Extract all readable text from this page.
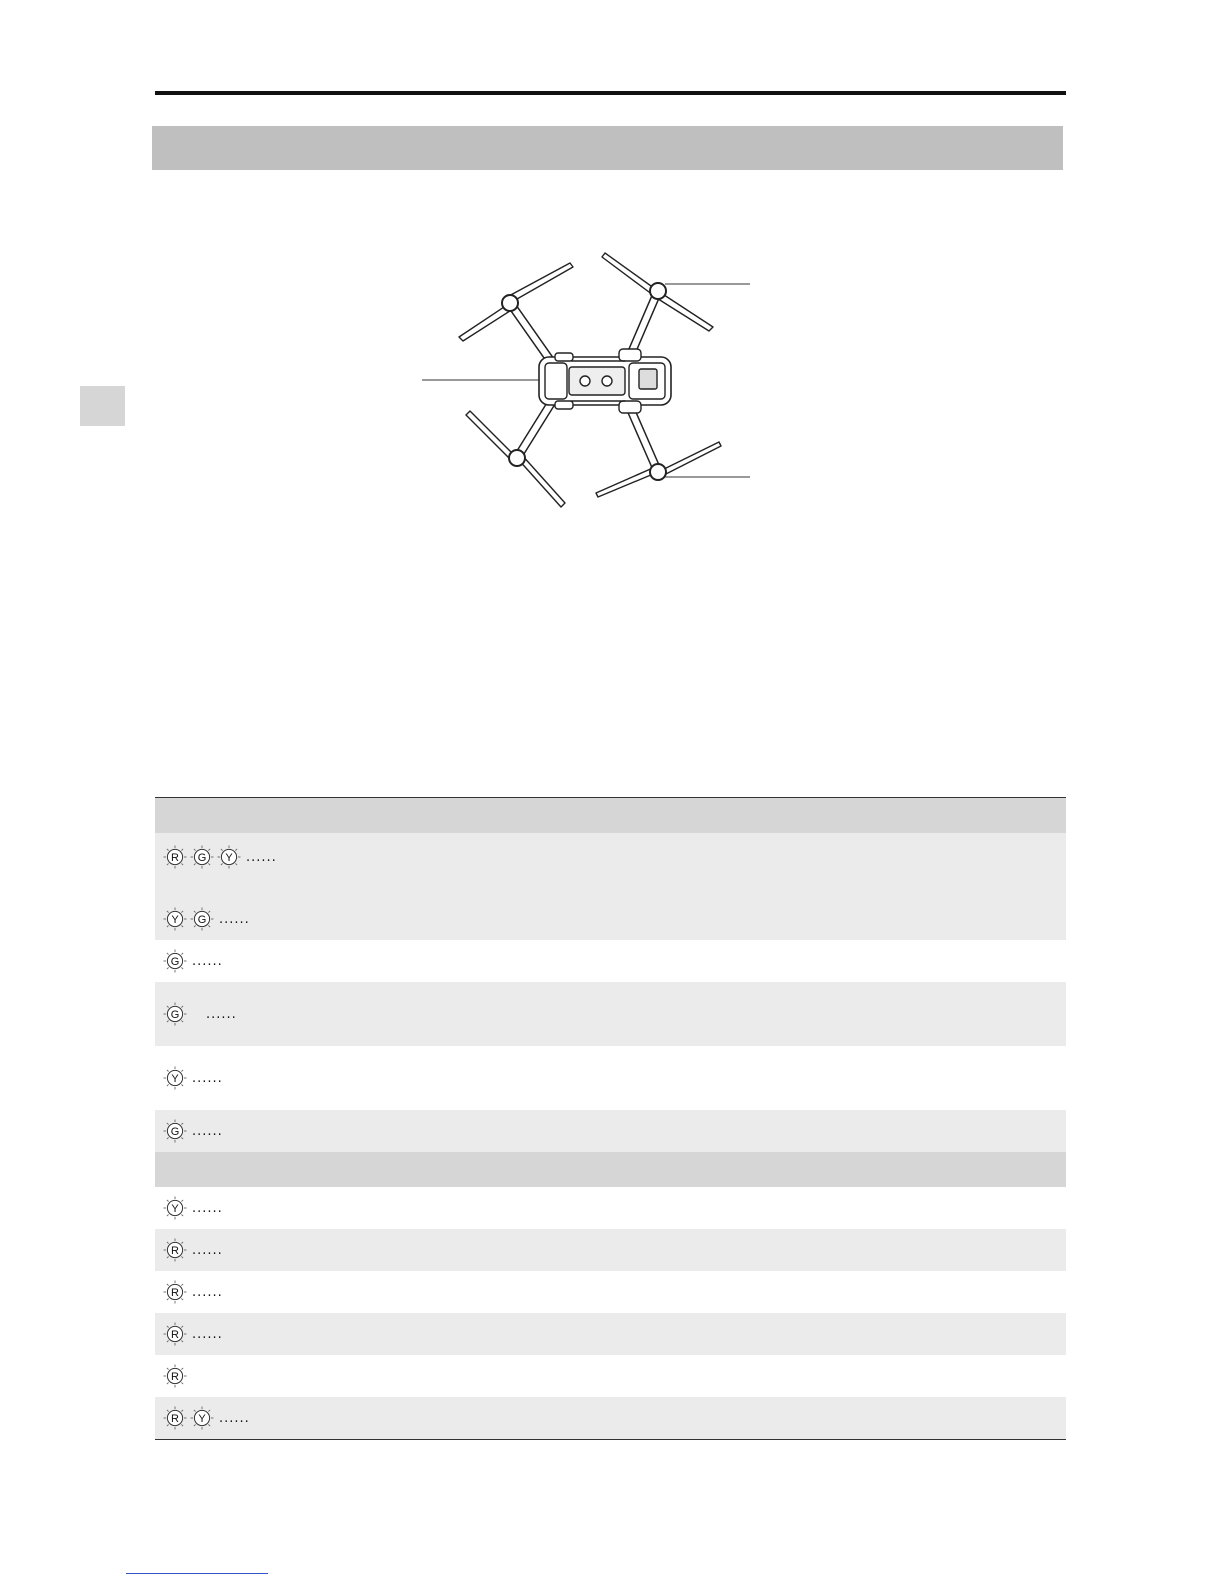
R G Y ......
Y G ......
G ......
G ......
Y ......
G ......
Y ......
R ......
R ......
R ......
R
R Y ......
